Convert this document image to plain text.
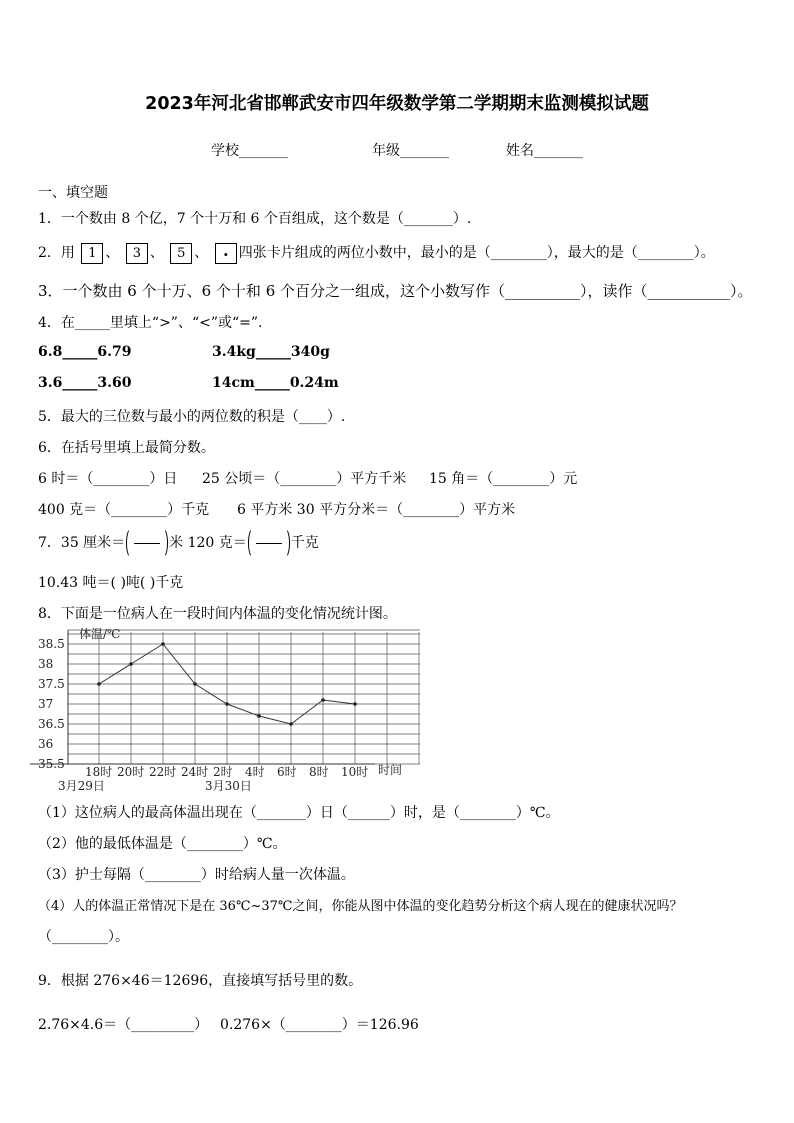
2023年河北省邯郸武安市四年级数学第二学期期末监测模拟试题
学校_______	年级_______	姓名_______
一、填空题
1．一个数由 8 个亿，7 个十万和 6 个百组成，这个数是（_______）.
2．用 1 、 3 、 5 、 . 四张卡片组成的两位小数中，最小的是（________），最大的是（________）。
3．一个数由 6 个十万、6 个十和 6 个百分之一组成，这个小数写作（__________），读作（___________）。
4．在_____里填上“>”、“<”或“=”.
6.8_____6.79	3.4kg_____340g
3.6_____3.60	14cm_____0.24m
5．最大的三位数与最小的两位数的积是（____）.
6．在括号里填上最简分数。
6 时＝（________）日 25 公顷＝（________）平方千米 15 角＝（________）元
400 克＝（________）千克 6 平方米 30 平方分米＝（________）平方米
7．35 厘米＝	米 120 克＝	千克
10.43 吨＝( )吨( )千克
8．下面是一位病人在一段时间内体温的变化情况统计图。
35.5
36
36.5
37
37.5
38
38.5
18时 20时 22时 24时 2时 4时 6时 8时 10时
体温/℃
时间
3月29日	3月30日
（1）这位病人的最高体温出现在（_______）日（______）时，是（________）℃。
（2）他的最低体温是（________）℃。
（3）护士每隔（________）时给病人量一次体温。
（4）人的体温正常情况下是在 36℃~37℃之间，你能从图中体温的变化趋势分析这个病人现在的健康状况吗？
（________）。
9．根据 276×46＝12696，直接填写括号里的数。
2.76×4.6＝（_________） 0.276×（________）＝126.96
